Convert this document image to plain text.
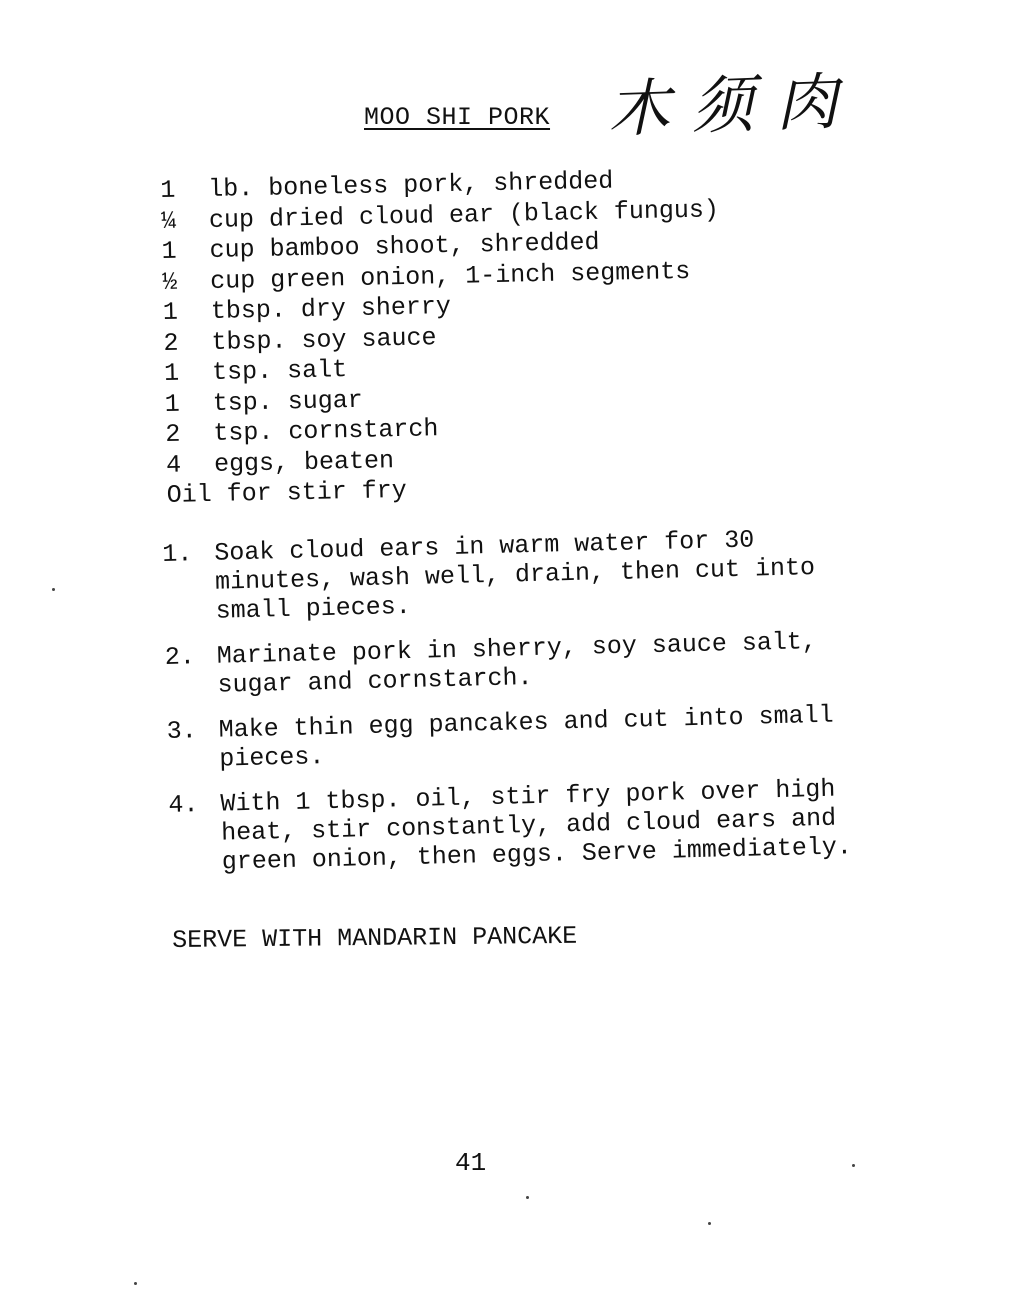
MOO SHI PORK 木须肉
1	lb. boneless pork, shredded
¼	cup dried cloud ear (black fungus)
1	cup bamboo shoot, shredded
½	cup green onion, 1-inch segments
1	tbsp. dry sherry
2	tbsp. soy sauce
1	tsp. salt
1	tsp. sugar
2	tsp. cornstarch
4	eggs, beaten
Oil for stir fry
1. Soak cloud ears in warm water for 30 minutes, wash well, drain, then cut into small pieces.
2. Marinate pork in sherry, soy sauce salt, sugar and cornstarch.
3. Make thin egg pancakes and cut into small pieces.
4. With 1 tbsp. oil, stir fry pork over high heat, stir constantly, add cloud ears and green onion, then eggs. Serve immediately.
SERVE WITH MANDARIN PANCAKE
41
